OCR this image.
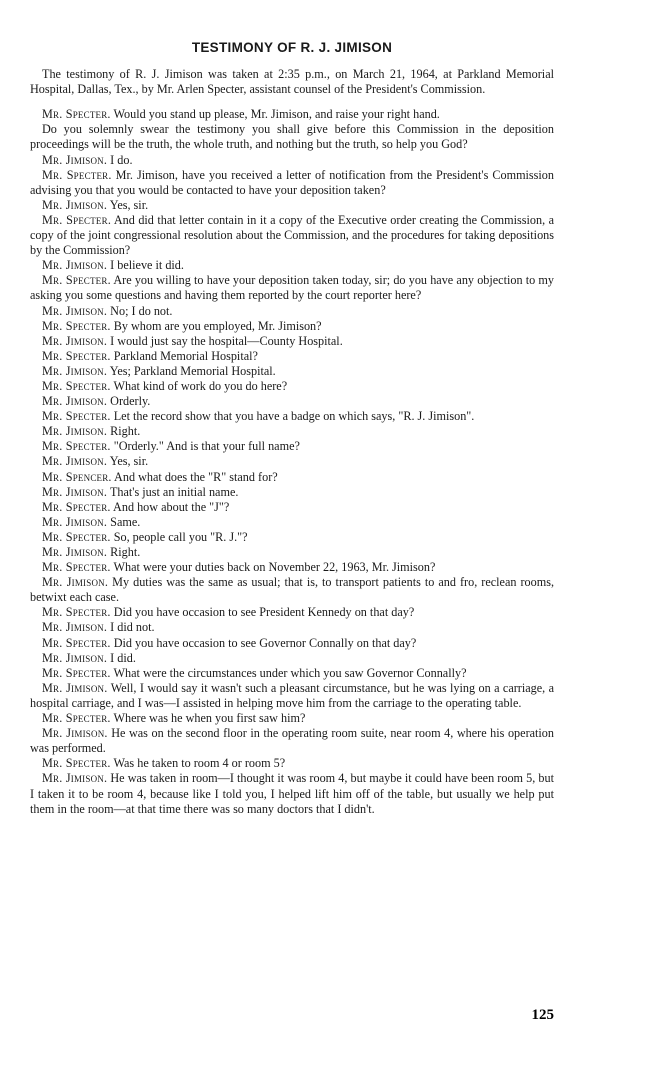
TESTIMONY OF R. J. JIMISON

The testimony of R. J. Jimison was taken at 2:35 p.m., on March 21, 1964, at Parkland Memorial Hospital, Dallas, Tex., by Mr. Arlen Specter, assistant counsel of the President's Commission.

Mr. Specter. Would you stand up please, Mr. Jimison, and raise your right hand.

Do you solemnly swear the testimony you shall give before this Commission in the deposition proceedings will be the truth, the whole truth, and nothing but the truth, so help you God?

Mr. Jimison. I do.

Mr. Specter. Mr. Jimison, have you received a letter of notification from the President's Commission advising you that you would be contacted to have your deposition taken?

Mr. Jimison. Yes, sir.

Mr. Specter. And did that letter contain in it a copy of the Executive order creating the Commission, a copy of the joint congressional resolution about the Commission, and the procedures for taking depositions by the Commission?

Mr. Jimison. I believe it did.

Mr. Specter. Are you willing to have your deposition taken today, sir; do you have any objection to my asking you some questions and having them reported by the court reporter here?

Mr. Jimison. No; I do not.

Mr. Specter. By whom are you employed, Mr. Jimison?

Mr. Jimison. I would just say the hospital—County Hospital.

Mr. Specter. Parkland Memorial Hospital?

Mr. Jimison. Yes; Parkland Memorial Hospital.

Mr. Specter. What kind of work do you do here?

Mr. Jimison. Orderly.

Mr. Specter. Let the record show that you have a badge on which says, "R. J. Jimison".

Mr. Jimison. Right.

Mr. Specter. "Orderly." And is that your full name?

Mr. Jimison. Yes, sir.

Mr. Spencer. And what does the "R" stand for?

Mr. Jimison. That's just an initial name.

Mr. Specter. And how about the "J"?

Mr. Jimison. Same.

Mr. Specter. So, people call you "R. J."?

Mr. Jimison. Right.

Mr. Specter. What were your duties back on November 22, 1963, Mr. Jimison?

Mr. Jimison. My duties was the same as usual; that is, to transport patients to and fro, reclean rooms, betwixt each case.

Mr. Specter. Did you have occasion to see President Kennedy on that day?

Mr. Jimison. I did not.

Mr. Specter. Did you have occasion to see Governor Connally on that day?

Mr. Jimison. I did.

Mr. Specter. What were the circumstances under which you saw Governor Connally?

Mr. Jimison. Well, I would say it wasn't such a pleasant circumstance, but he was lying on a carriage, a hospital carriage, and I was—I assisted in helping move him from the carriage to the operating table.

Mr. Specter. Where was he when you first saw him?

Mr. Jimison. He was on the second floor in the operating room suite, near room 4, where his operation was performed.

Mr. Specter. Was he taken to room 4 or room 5?

Mr. Jimison. He was taken in room—I thought it was room 4, but maybe it could have been room 5, but I taken it to be room 4, because like I told you, I helped lift him off of the table, but usually we help put them in the room—at that time there was so many doctors that I didn't.

125
